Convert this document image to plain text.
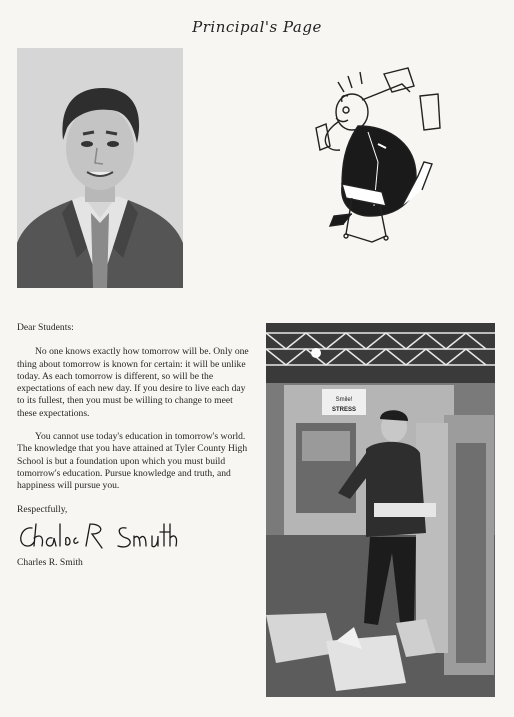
Principal's Page

Dear Students:

No one knows exactly how tomorrow will be. Only one thing about tomorrow is known for certain: it will be unlike today. As each tomorrow is different, so will be the expectations of each new day. If you desire to live each day to its fullest, then you must be willing to change to meet these expectations.

You cannot use today's education in tomorrow's world. The knowledge that you have attained at Tyler County High School is but a foundation upon which you must build tomorrow's education. Pursue knowledge and truth, and happiness will pursue you.

Respectfully,

Charles R. Smith
Smile!
STRESS
